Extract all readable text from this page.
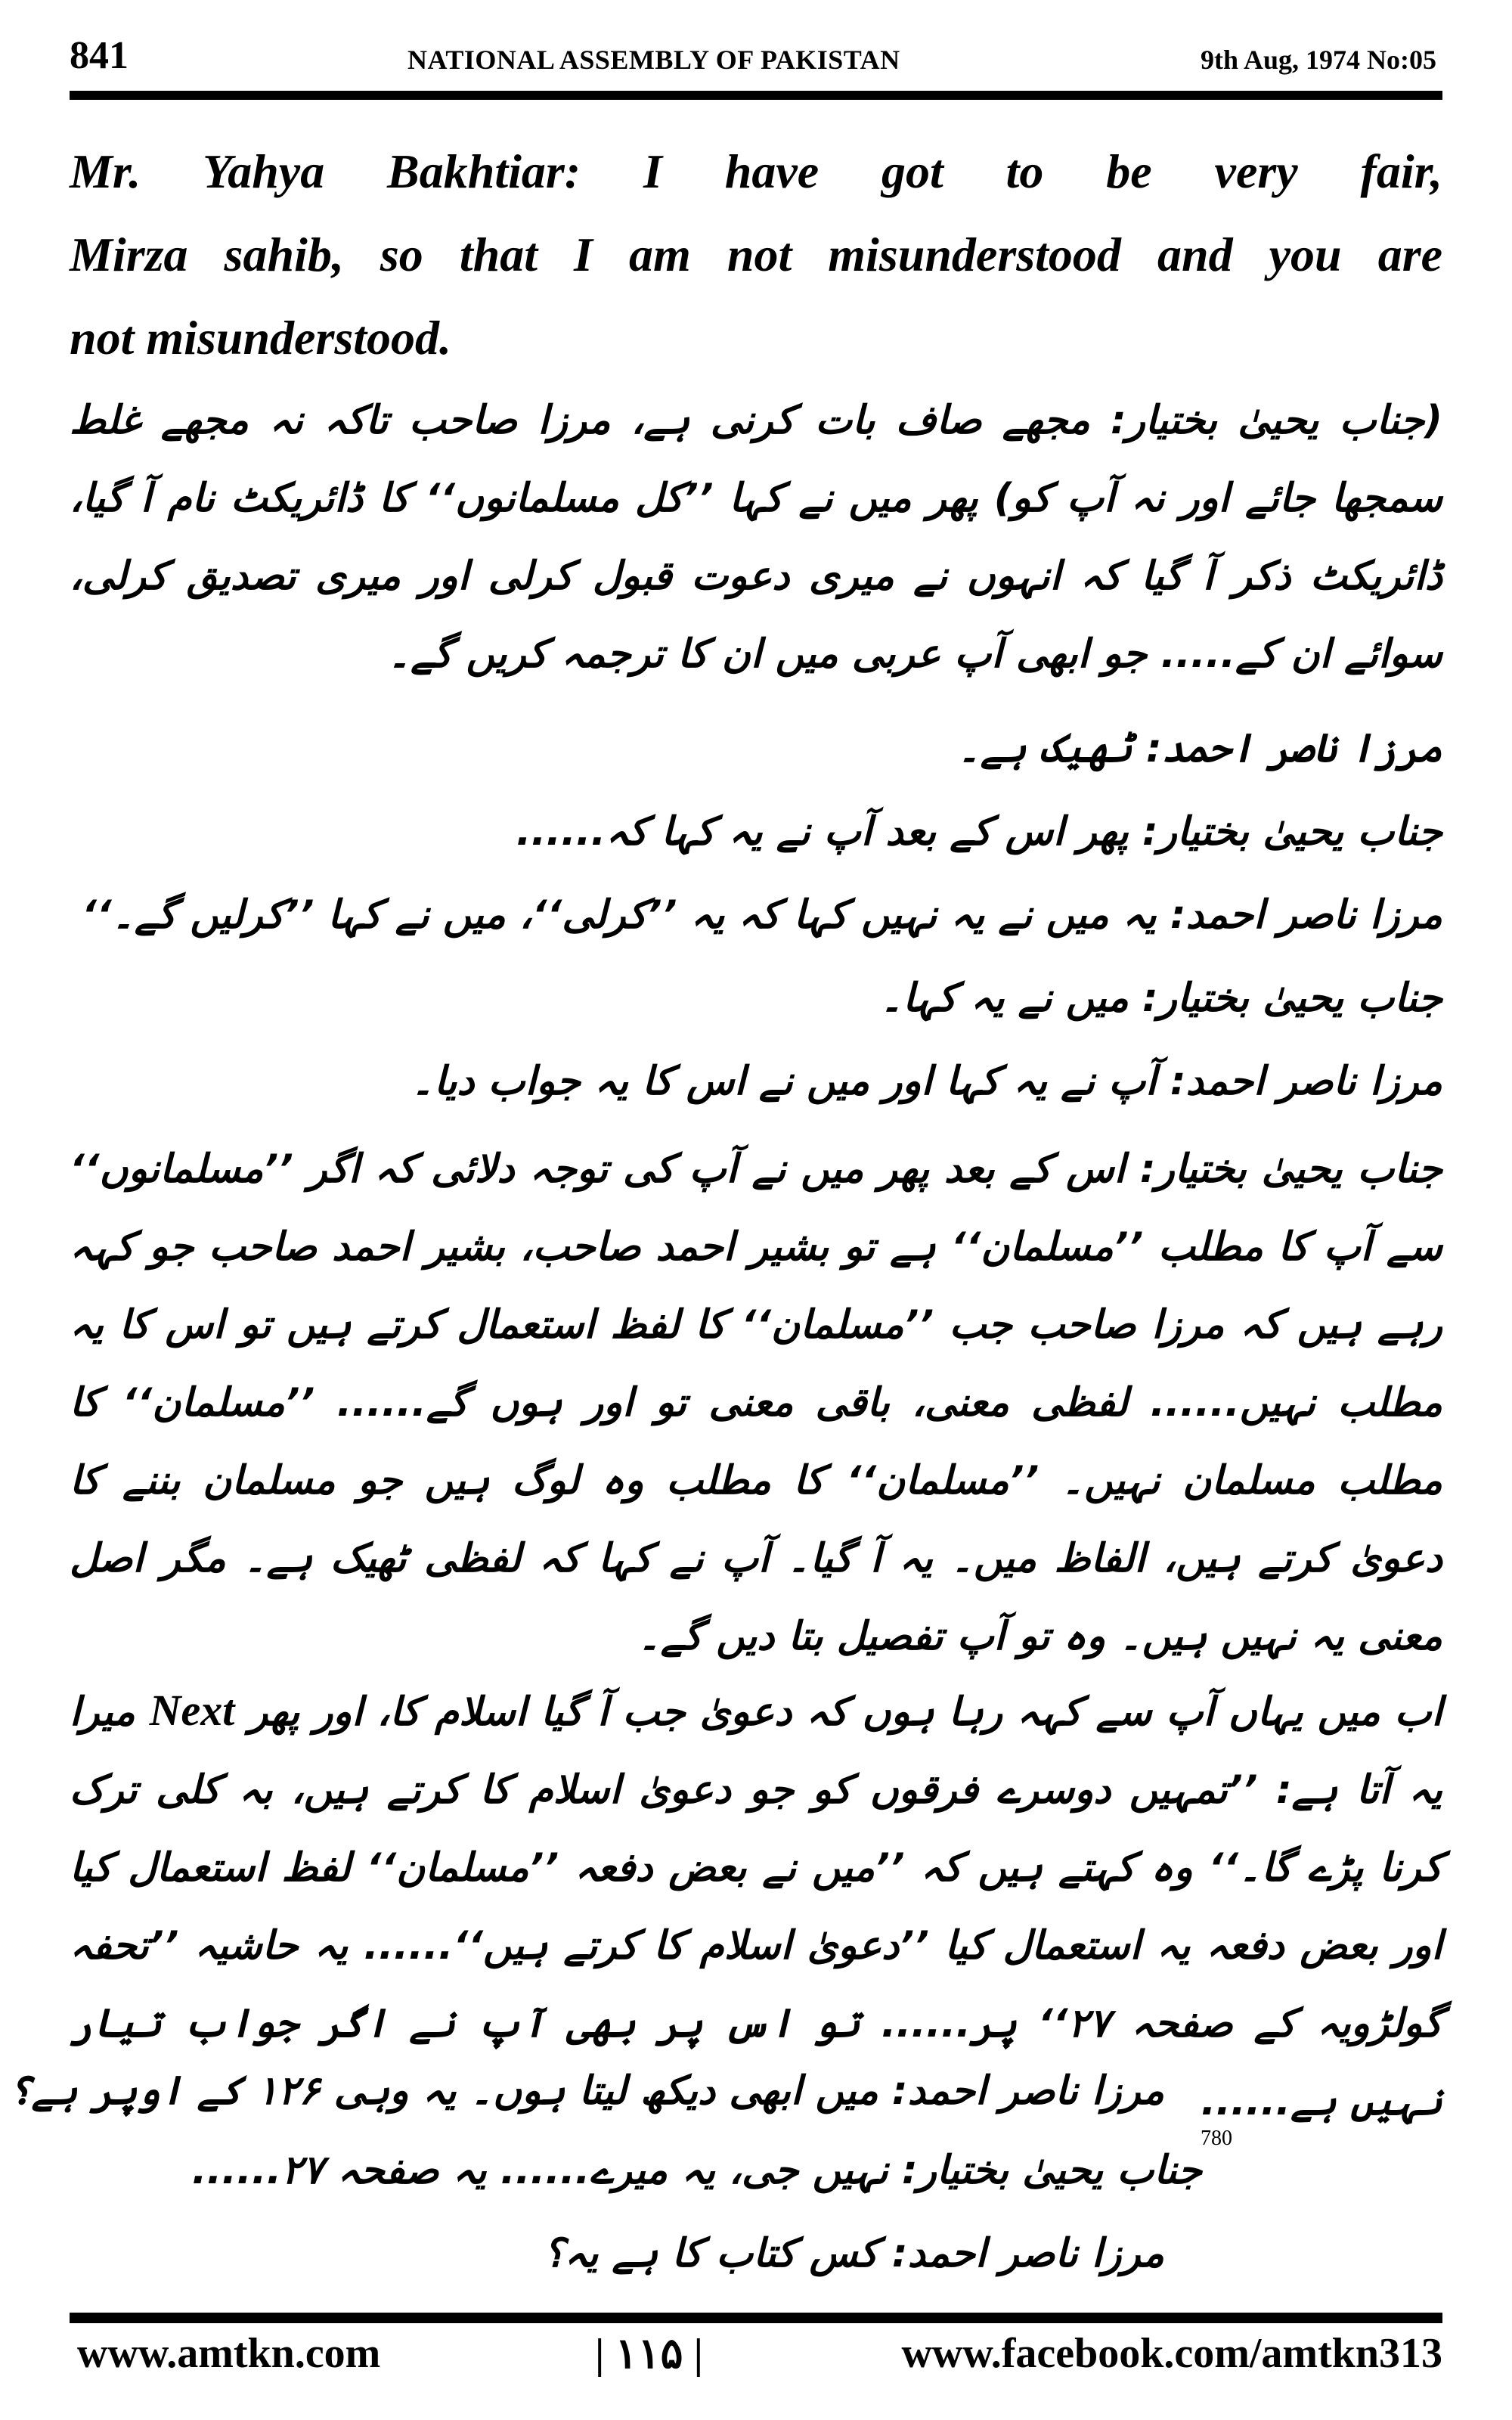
841	NATIONAL ASSEMBLY OF PAKISTAN	9th Aug, 1974 No:05
Mr. Yahya Bakhtiar: I have got to be very fair,
Mirza sahib, so that I am not misunderstood and you are
not misunderstood.

(جناب یحییٰ بختیار: مجھے صاف بات کرنی ہے، مرزا صاحب تاکہ نہ مجھے غلط سمجھا جائے اور نہ آپ کو) پھر میں نے کہا ’’کل مسلمانوں‘‘ کا ڈائریکٹ نام آ گیا، ڈائریکٹ ذکر آ گیا کہ انہوں نے میری دعوت قبول کرلی اور میری تصدیق کرلی، سوائے ان کے..... جو ابھی آپ عربی میں ان کا ترجمہ کریں گے۔

مرزا ناصر احمد: ٹھیک ہے۔
جناب یحییٰ بختیار: پھر اس کے بعد آپ نے یہ کہا کہ......
مرزا ناصر احمد: یہ میں نے یہ نہیں کہا کہ یہ ’’کرلی‘‘، میں نے کہا ’’کرلیں گے۔‘‘
جناب یحییٰ بختیار: میں نے یہ کہا۔
مرزا ناصر احمد: آپ نے یہ کہا اور میں نے اس کا یہ جواب دیا۔

جناب یحییٰ بختیار: اس کے بعد پھر میں نے آپ کی توجہ دلائی کہ اگر ’’مسلمانوں‘‘ سے آپ کا مطلب ’’مسلمان‘‘ ہے تو بشیر احمد صاحب، بشیر احمد صاحب جو کہہ رہے ہیں کہ مرزا صاحب جب ’’مسلمان‘‘ کا لفظ استعمال کرتے ہیں تو اس کا یہ مطلب نہیں...... لفظی معنی، باقی معنی تو اور ہوں گے...... ’’مسلمان‘‘ کا مطلب مسلمان نہیں۔ ’’مسلمان‘‘ کا مطلب وہ لوگ ہیں جو مسلمان بننے کا دعویٰ کرتے ہیں، الفاظ میں۔ یہ آ گیا۔ آپ نے کہا کہ لفظی ٹھیک ہے۔ مگر اصل معنی یہ نہیں ہیں۔ وہ تو آپ تفصیل بتا دیں گے۔

اب میں یہاں آپ سے کہہ رہا ہوں کہ دعویٰ جب آ گیا اسلام کا، اور پھر Next میرا یہ آتا ہے: ’’تمہیں دوسرے فرقوں کو جو دعویٰ اسلام کا کرتے ہیں، بہ کلی ترک کرنا پڑے گا۔‘‘ وہ کہتے ہیں کہ ’’میں نے بعض دفعہ ’’مسلمان‘‘ لفظ استعمال کیا اور بعض دفعہ یہ استعمال کیا ’’دعویٰ اسلام کا کرتے ہیں‘‘...... یہ حاشیہ ’’تحفہ گولڑویہ کے صفحہ ۲۷‘‘ پر...... تو اس پر بھی آپ نے اگر جواب تیار نہیں ہے......

مرزا ناصر احمد: میں ابھی دیکھ لیتا ہوں۔ یہ وہی ۱۲۶ کے اوپر ہے؟
780
جناب یحییٰ بختیار: نہیں جی، یہ میرے...... یہ صفحہ ۲۷......
مرزا ناصر احمد: کس کتاب کا ہے یہ؟
www.amtkn.com	| ۱۱۵ |	www.facebook.com/amtkn313
